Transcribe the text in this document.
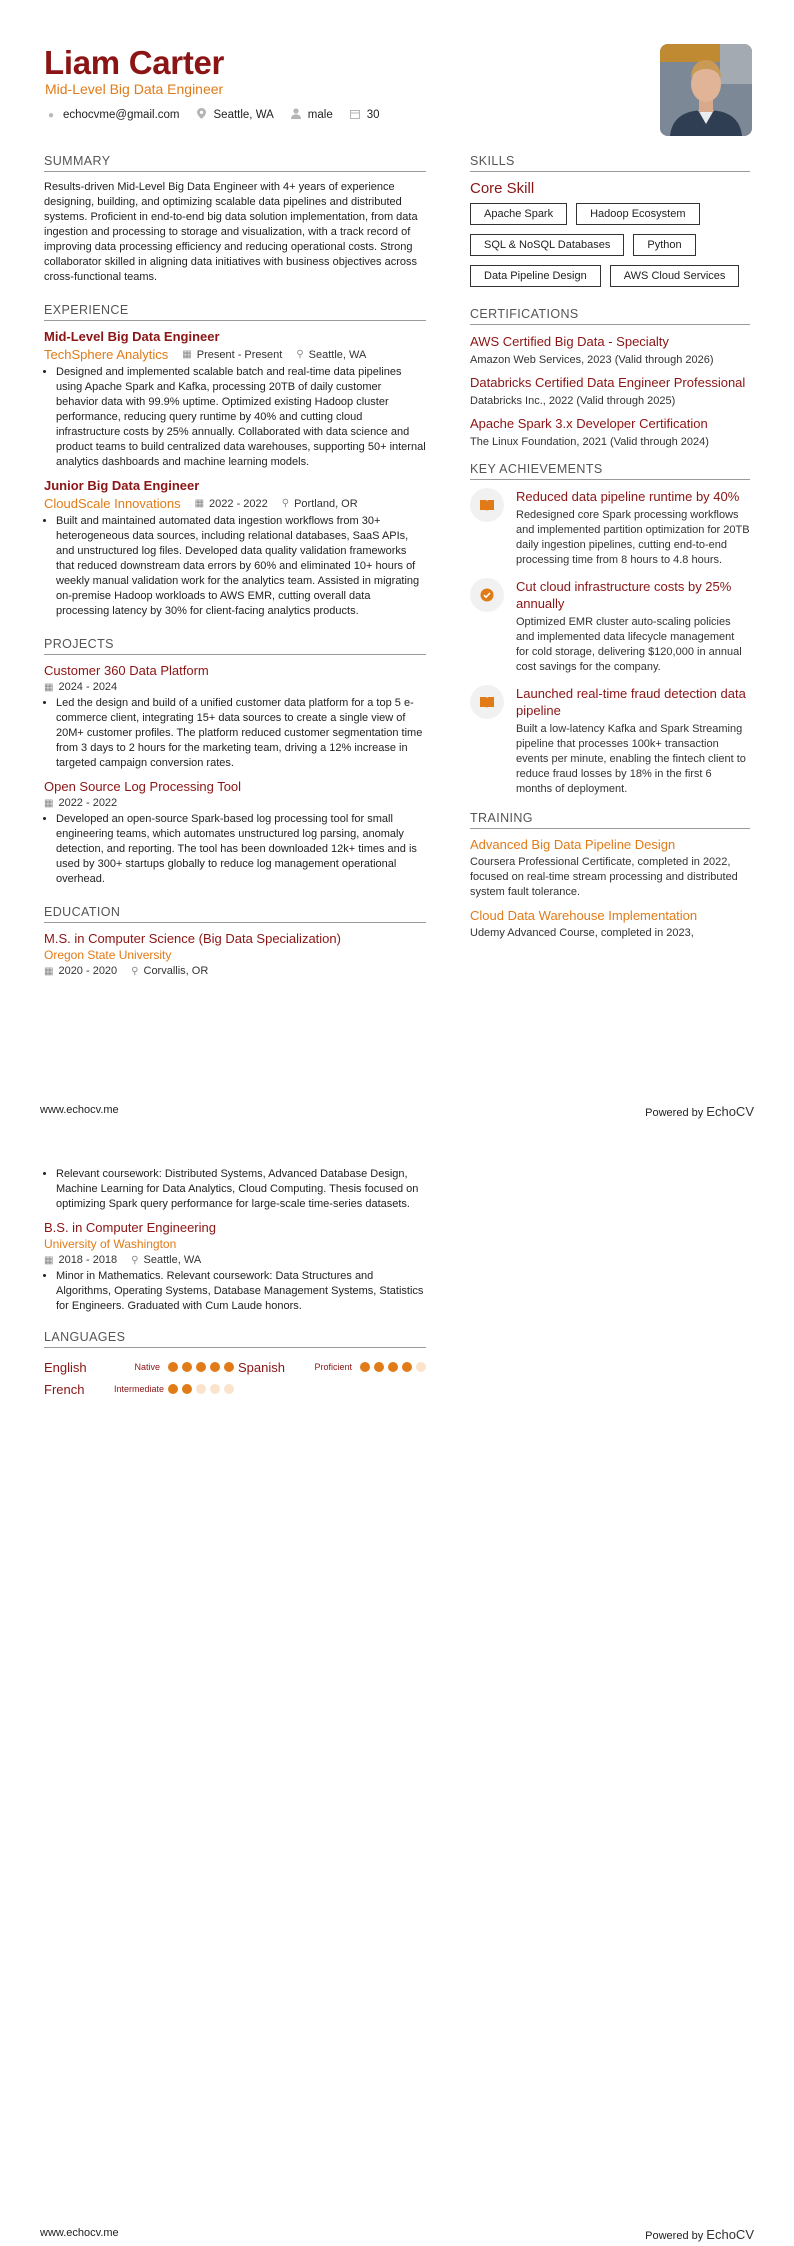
Liam Carter
Mid-Level Big Data Engineer
● echocvme@gmail.com	Seattle, WA	male	30
SUMMARY
Results-driven Mid-Level Big Data Engineer with 4+ years of experience designing, building, and optimizing scalable data pipelines and distributed systems. Proficient in end-to-end big data solution implementation, from data ingestion and processing to storage and visualization, with a track record of improving data processing efficiency and reducing operational costs. Strong collaborator skilled in aligning data initiatives with business objectives across cross-functional teams.
EXPERIENCE
Mid-Level Big Data Engineer
TechSphere Analytics ▦ Present - Present ⚲ Seattle, WA
• Designed and implemented scalable batch and real-time data pipelines using Apache Spark and Kafka, processing 20TB of daily customer behavior data with 99.9% uptime. Optimized existing Hadoop cluster performance, reducing query runtime by 40% and cutting cloud infrastructure costs by 25% annually. Collaborated with data science and product teams to build centralized data warehouses, supporting 50+ internal analytics dashboards and machine learning models.
Junior Big Data Engineer
CloudScale Innovations ▦ 2022 - 2022 ⚲ Portland, OR
• Built and maintained automated data ingestion workflows from 30+ heterogeneous data sources, including relational databases, SaaS APIs, and unstructured log files. Developed data quality validation frameworks that reduced downstream data errors by 60% and eliminated 10+ hours of weekly manual validation work for the analytics team. Assisted in migrating on-premise Hadoop workloads to AWS EMR, cutting overall data processing latency by 30% for client-facing analytics products.
PROJECTS
Customer 360 Data Platform
▦ 2024 - 2024
• Led the design and build of a unified customer data platform for a top 5 e-commerce client, integrating 15+ data sources to create a single view of 20M+ customer profiles. The platform reduced customer segmentation time from 3 days to 2 hours for the marketing team, driving a 12% increase in targeted campaign conversion rates.
Open Source Log Processing Tool
▦ 2022 - 2022
• Developed an open-source Spark-based log processing tool for small engineering teams, which automates unstructured log parsing, anomaly detection, and reporting. The tool has been downloaded 12k+ times and is used by 300+ startups globally to reduce log management operational overhead.
EDUCATION
M.S. in Computer Science (Big Data Specialization)
Oregon State University
▦ 2020 - 2020 ⚲ Corvallis, OR
SKILLS
Core Skill
Apache Spark	Hadoop Ecosystem
SQL & NoSQL Databases	Python
Data Pipeline Design	AWS Cloud Services
CERTIFICATIONS
AWS Certified Big Data - Specialty
Amazon Web Services, 2023 (Valid through 2026)
Databricks Certified Data Engineer Professional
Databricks Inc., 2022 (Valid through 2025)
Apache Spark 3.x Developer Certification
The Linux Foundation, 2021 (Valid through 2024)
KEY ACHIEVEMENTS
Reduced data pipeline runtime by 40%
Redesigned core Spark processing workflows and implemented partition optimization for 20TB daily ingestion pipelines, cutting end-to-end processing time from 8 hours to 4.8 hours.
Cut cloud infrastructure costs by 25% annually
Optimized EMR cluster auto-scaling policies and implemented data lifecycle management for cold storage, delivering $120,000 in annual cost savings for the company.
Launched real-time fraud detection data pipeline
Built a low-latency Kafka and Spark Streaming pipeline that processes 100k+ transaction events per minute, enabling the fintech client to reduce fraud losses by 18% in the first 6 months of deployment.
TRAINING
Advanced Big Data Pipeline Design
Coursera Professional Certificate, completed in 2022, focused on real-time stream processing and distributed system fault tolerance.
Cloud Data Warehouse Implementation
Udemy Advanced Course, completed in 2023,
www.echocv.me	Powered by EchoCV
• Relevant coursework: Distributed Systems, Advanced Database Design, Machine Learning for Data Analytics, Cloud Computing. Thesis focused on optimizing Spark query performance for large-scale time-series datasets.
B.S. in Computer Engineering
University of Washington
▦ 2018 - 2018 ⚲ Seattle, WA
• Minor in Mathematics. Relevant coursework: Data Structures and Algorithms, Operating Systems, Database Management Systems, Statistics for Engineers. Graduated with Cum Laude honors.
LANGUAGES
English	Native	Spanish	Proficient
French	Intermediate
www.echocv.me	Powered by EchoCV
